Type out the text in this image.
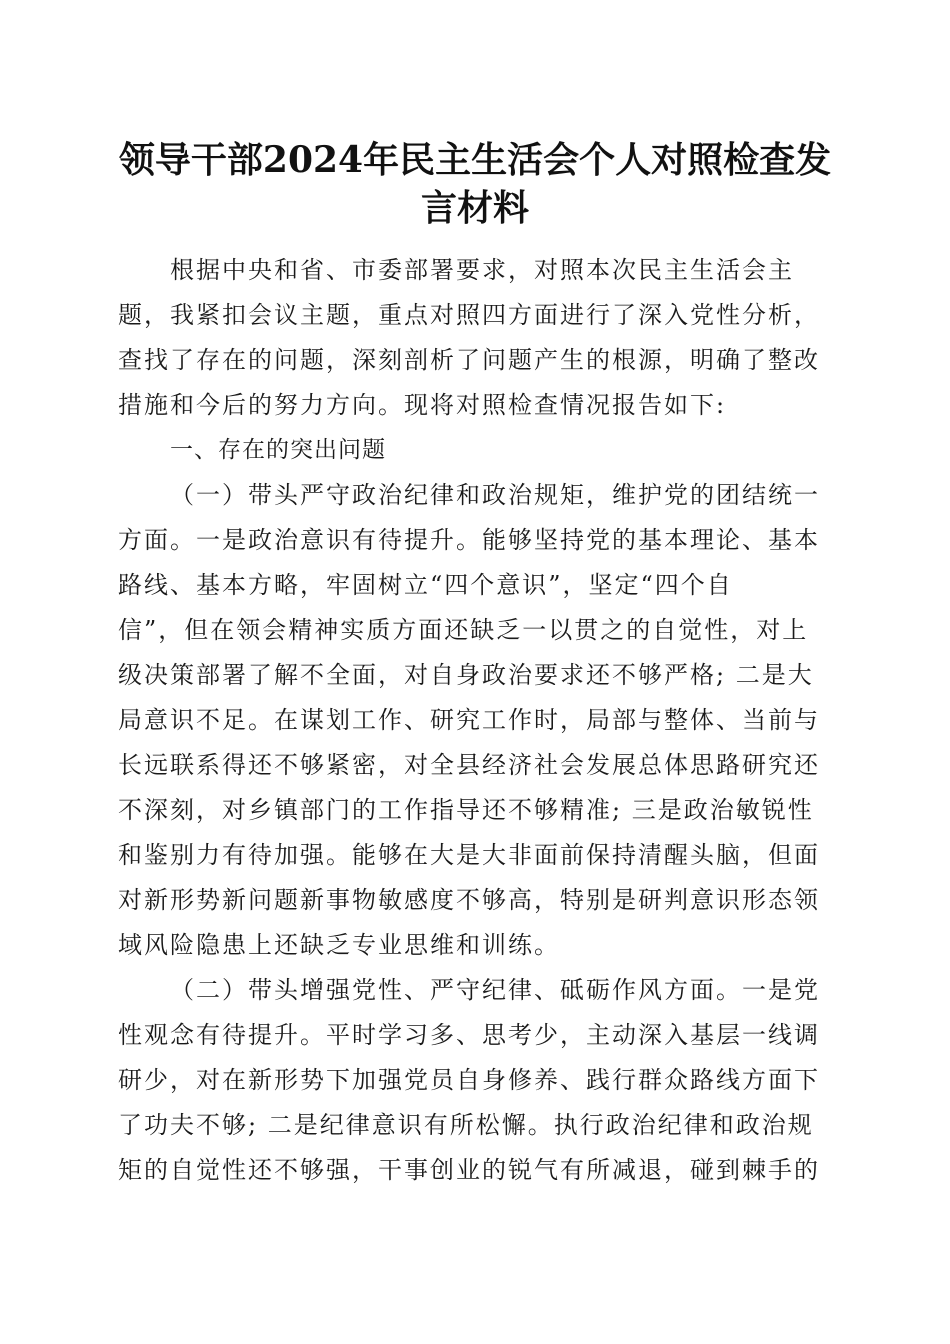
领导干部2024年民主生活会个人对照检查发
言材料

根据中央和省、市委部署要求，对照本次民主生活会主

题，我紧扣会议主题，重点对照四方面进行了深入党性分析，

查找了存在的问题，深刻剖析了问题产生的根源，明确了整改

措施和今后的努力方向。现将对照检查情况报告如下:

一、存在的突出问题

（一）带头严守政治纪律和政治规矩，维护党的团结统一

方面。一是政治意识有待提升。能够坚持党的基本理论、基本

路线、基本方略，牢固树立“四个意识”，坚定“四个自

信”，但在领会精神实质方面还缺乏一以贯之的自觉性，对上

级决策部署了解不全面，对自身政治要求还不够严格; 二是大

局意识不足。在谋划工作、研究工作时，局部与整体、当前与

长远联系得还不够紧密，对全县经济社会发展总体思路研究还

不深刻，对乡镇部门的工作指导还不够精准; 三是政治敏锐性

和鉴别力有待加强。能够在大是大非面前保持清醒头脑，但面

对新形势新问题新事物敏感度不够高，特别是研判意识形态领

域风险隐患上还缺乏专业思维和训练。

（二）带头增强党性、严守纪律、砥砺作风方面。一是党

性观念有待提升。平时学习多、思考少，主动深入基层一线调

研少，对在新形势下加强党员自身修养、践行群众路线方面下

了功夫不够; 二是纪律意识有所松懈。执行政治纪律和政治规

矩的自觉性还不够强，干事创业的锐气有所减退，碰到棘手的
